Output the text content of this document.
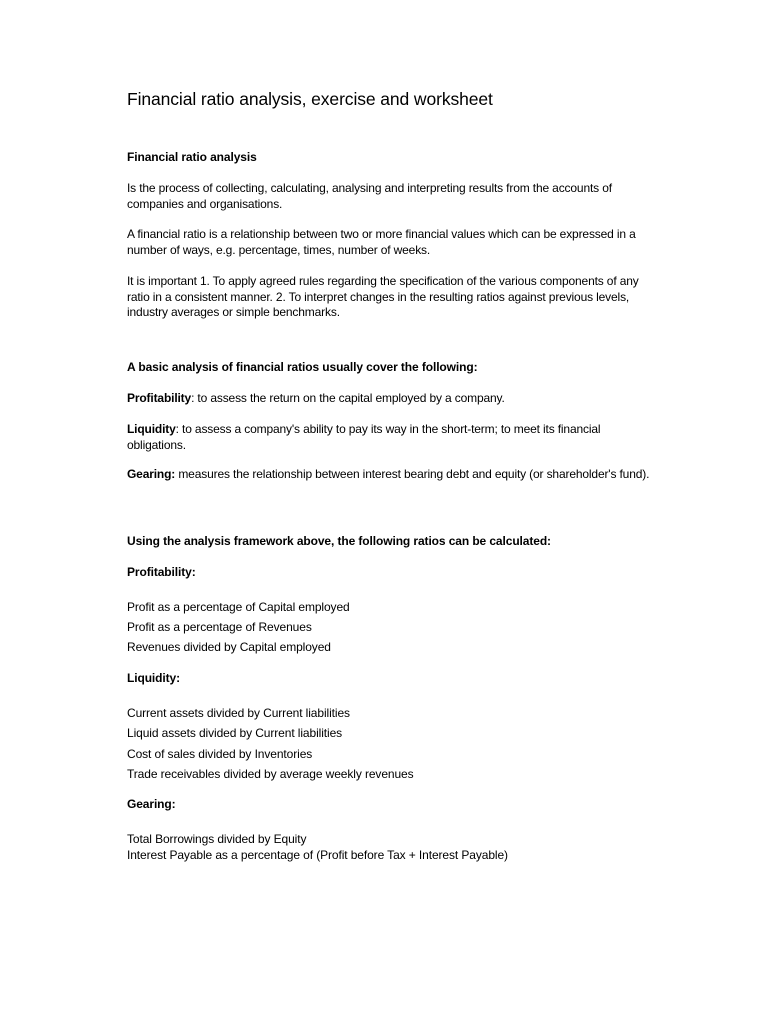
Financial ratio analysis, exercise and worksheet
Financial ratio analysis

Is the process of collecting, calculating, analysing and interpreting results from the accounts of companies and organisations.

A financial ratio is a relationship between two or more financial values which can be expressed in a number of ways, e.g. percentage, times, number of weeks.

It is important 1. To apply agreed rules regarding the specification of the various components of any ratio in a consistent manner. 2. To interpret changes in the resulting ratios against previous levels, industry averages or simple benchmarks.

A basic analysis of financial ratios usually cover the following:

Profitability: to assess the return on the capital employed by a company.

Liquidity: to assess a company's ability to pay its way in the short-term; to meet its financial obligations.

Gearing: measures the relationship between interest bearing debt and equity (or shareholder's fund).

Using the analysis framework above, the following ratios can be calculated:
Profitability:
Profit as a percentage of Capital employed
Profit as a percentage of Revenues
Revenues divided by Capital employed
Liquidity:
Current assets divided by Current liabilities
Liquid assets divided by Current liabilities
Cost of sales divided by Inventories
Trade receivables divided by average weekly revenues
Gearing:
Total Borrowings divided by Equity
Interest Payable as a percentage of (Profit before Tax + Interest Payable)
